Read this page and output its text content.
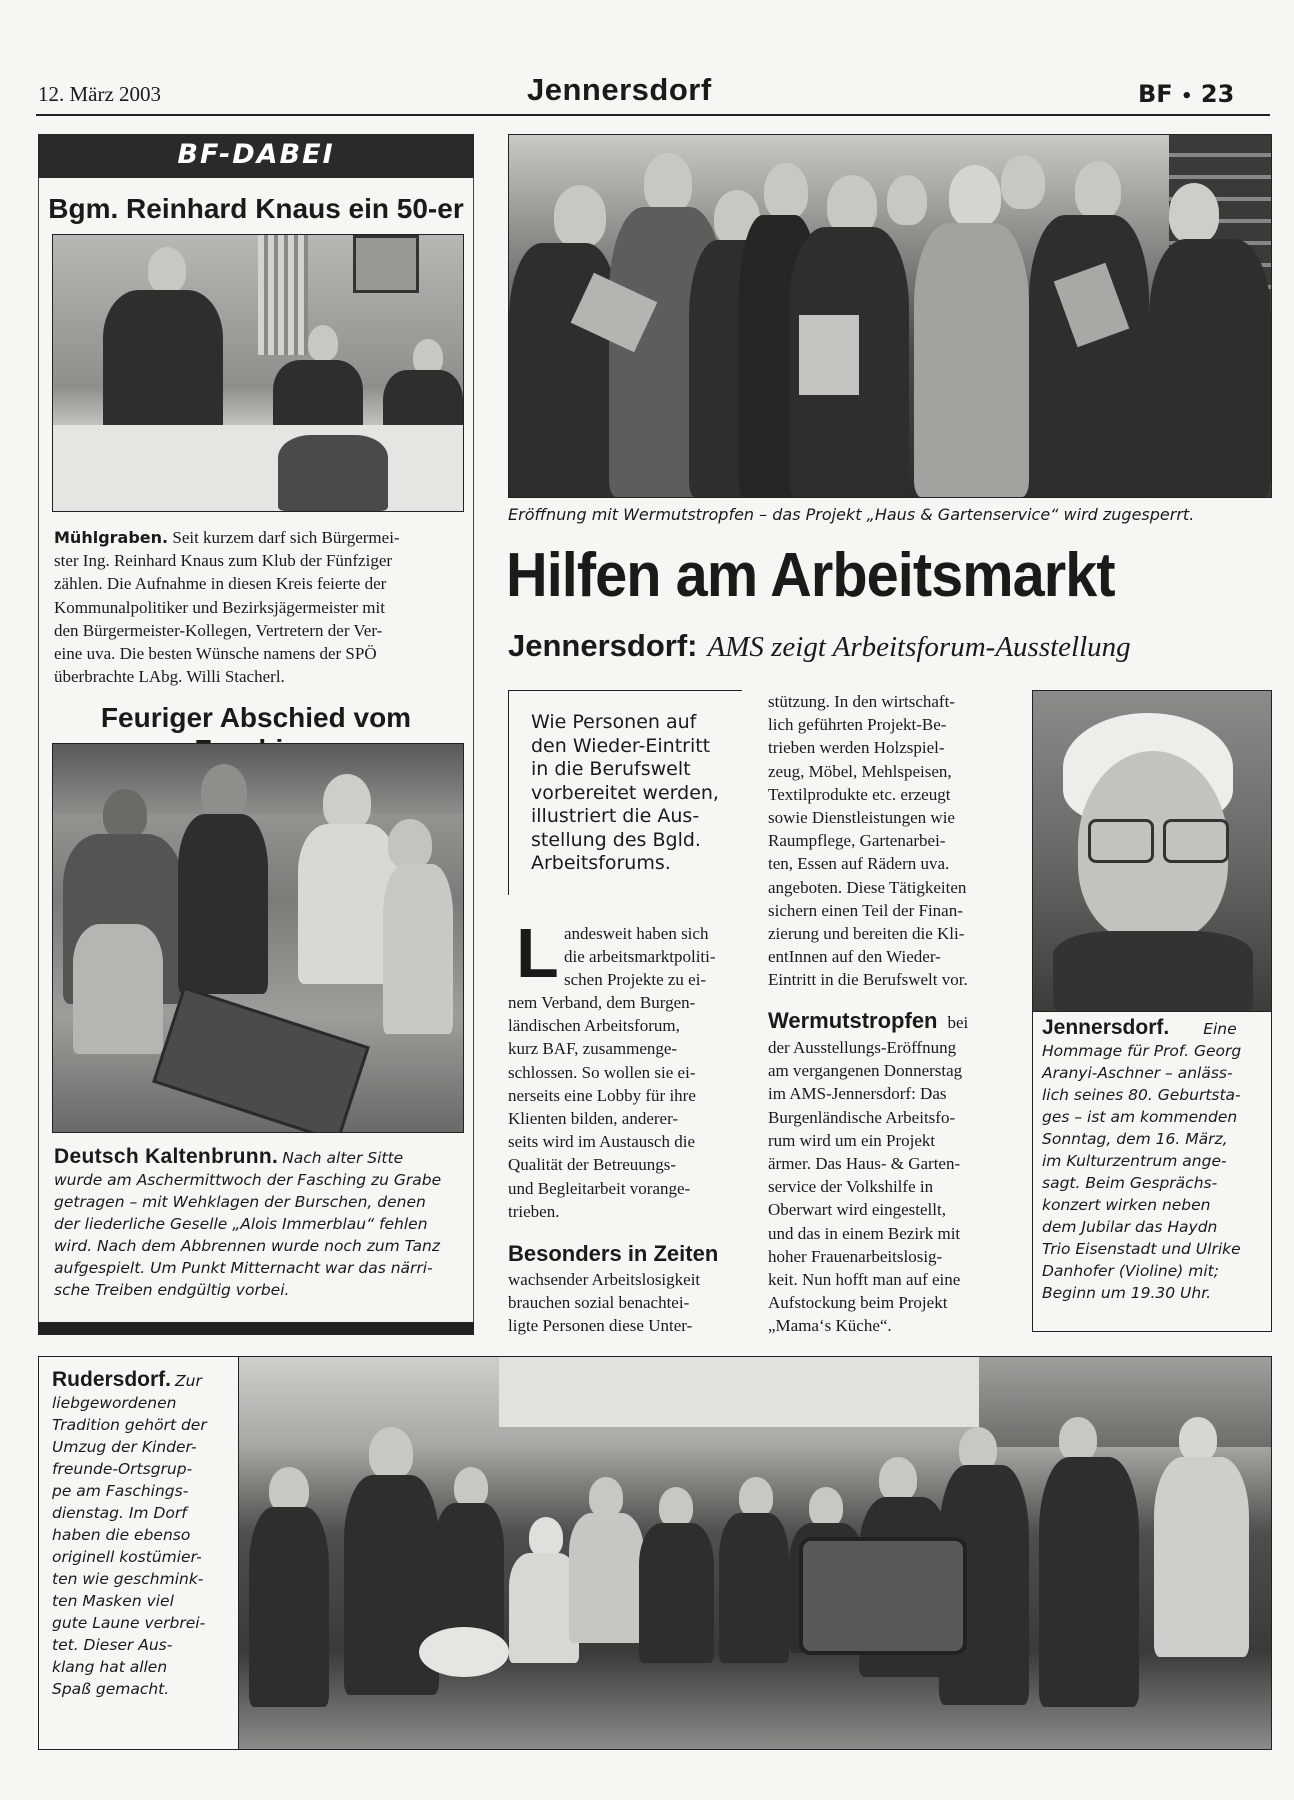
12. März 2003	Jennersdorf	BF • 23
BF-DABEI
Bgm. Reinhard Knaus ein 50-er
Mühlgraben. Seit kurzem darf sich Bürgermei-
ster Ing. Reinhard Knaus zum Klub der Fünfziger
zählen. Die Aufnahme in diesen Kreis feierte der
Kommunalpolitiker und Bezirksjägermeister mit
den Bürgermeister-Kollegen, Vertretern der Ver-
eine uva. Die besten Wünsche namens der SPÖ
überbrachte LAbg. Willi Stacherl.
Feuriger Abschied vom
Deutsch Kaltenbrunn. Nach alter Sitte
wurde am Aschermittwoch der Fasching zu Grabe
getragen – mit Wehklagen der Burschen, denen
der liederliche Geselle „Alois Immerblau“ fehlen
wird. Nach dem Abbrennen wurde noch zum Tanz
aufgespielt. Um Punkt Mitternacht war das närri-
sche Treiben endgültig vorbei.
Eröffnung mit Wermutstropfen – das Projekt „Haus & Gartenservice“ wird zugesperrt.
Hilfen am Arbeitsmarkt
Jennersdorf: AMS zeigt Arbeitsforum-Ausstellung
Wie Personen auf
den Wieder-Eintritt
in die Berufswelt
vorbereitet werden,
illustriert die Aus-
stellung des Bgld.
Arbeitsforums.
L andesweit haben sich
die arbeitsmarktpoliti-
schen Projekte zu ei-
nem Verband, dem Burgen-
ländischen Arbeitsforum,
kurz BAF, zusammenge-
schlossen. So wollen sie ei-
nerseits eine Lobby für ihre
Klienten bilden, anderer-
seits wird im Austausch die
Qualität der Betreuungs-
und Begleitarbeit vorange-
trieben.
Besonders in Zeiten
wachsender Arbeitslosigkeit
brauchen sozial benachtei-
ligte Personen diese Unter-
stützung. In den wirtschaft-
lich geführten Projekt-Be-
trieben werden Holzspiel-
zeug, Möbel, Mehlspeisen,
Textilprodukte etc. erzeugt
sowie Dienstleistungen wie
Raumpflege, Gartenarbei-
ten, Essen auf Rädern uva.
angeboten. Diese Tätigkeiten
sichern einen Teil der Finan-
zierung und bereiten die Kli-
entInnen auf den Wieder-
Eintritt in die Berufswelt vor.
Wermutstropfen bei
der Ausstellungs-Eröffnung
am vergangenen Donnerstag
im AMS-Jennersdorf: Das
Burgenländische Arbeitsfo-
rum wird um ein Projekt
ärmer. Das Haus- & Garten-
service der Volkshilfe in
Oberwart wird eingestellt,
und das in einem Bezirk mit
hoher Frauenarbeitslosig-
keit. Nun hofft man auf eine
Aufstockung beim Projekt
„Mama‘s Küche“.
Jennersdorf. Eine
Hommage für Prof. Georg
Aranyi-Aschner – anläss-
lich seines 80. Geburtsta-
ges – ist am kommenden
Sonntag, dem 16. März,
im Kulturzentrum ange-
sagt. Beim Gesprächs-
konzert wirken neben
dem Jubilar das Haydn
Trio Eisenstadt und Ulrike
Danhofer (Violine) mit;
Beginn um 19.30 Uhr.
Rudersdorf. Zur
liebgewordenen
Tradition gehört der
Umzug der Kinder-
freunde-Ortsgrup-
pe am Faschings-
dienstag. Im Dorf
haben die ebenso
originell kostümier-
ten wie geschmink-
ten Masken viel
gute Laune verbrei-
tet. Dieser Aus-
klang hat allen
Spaß gemacht.
